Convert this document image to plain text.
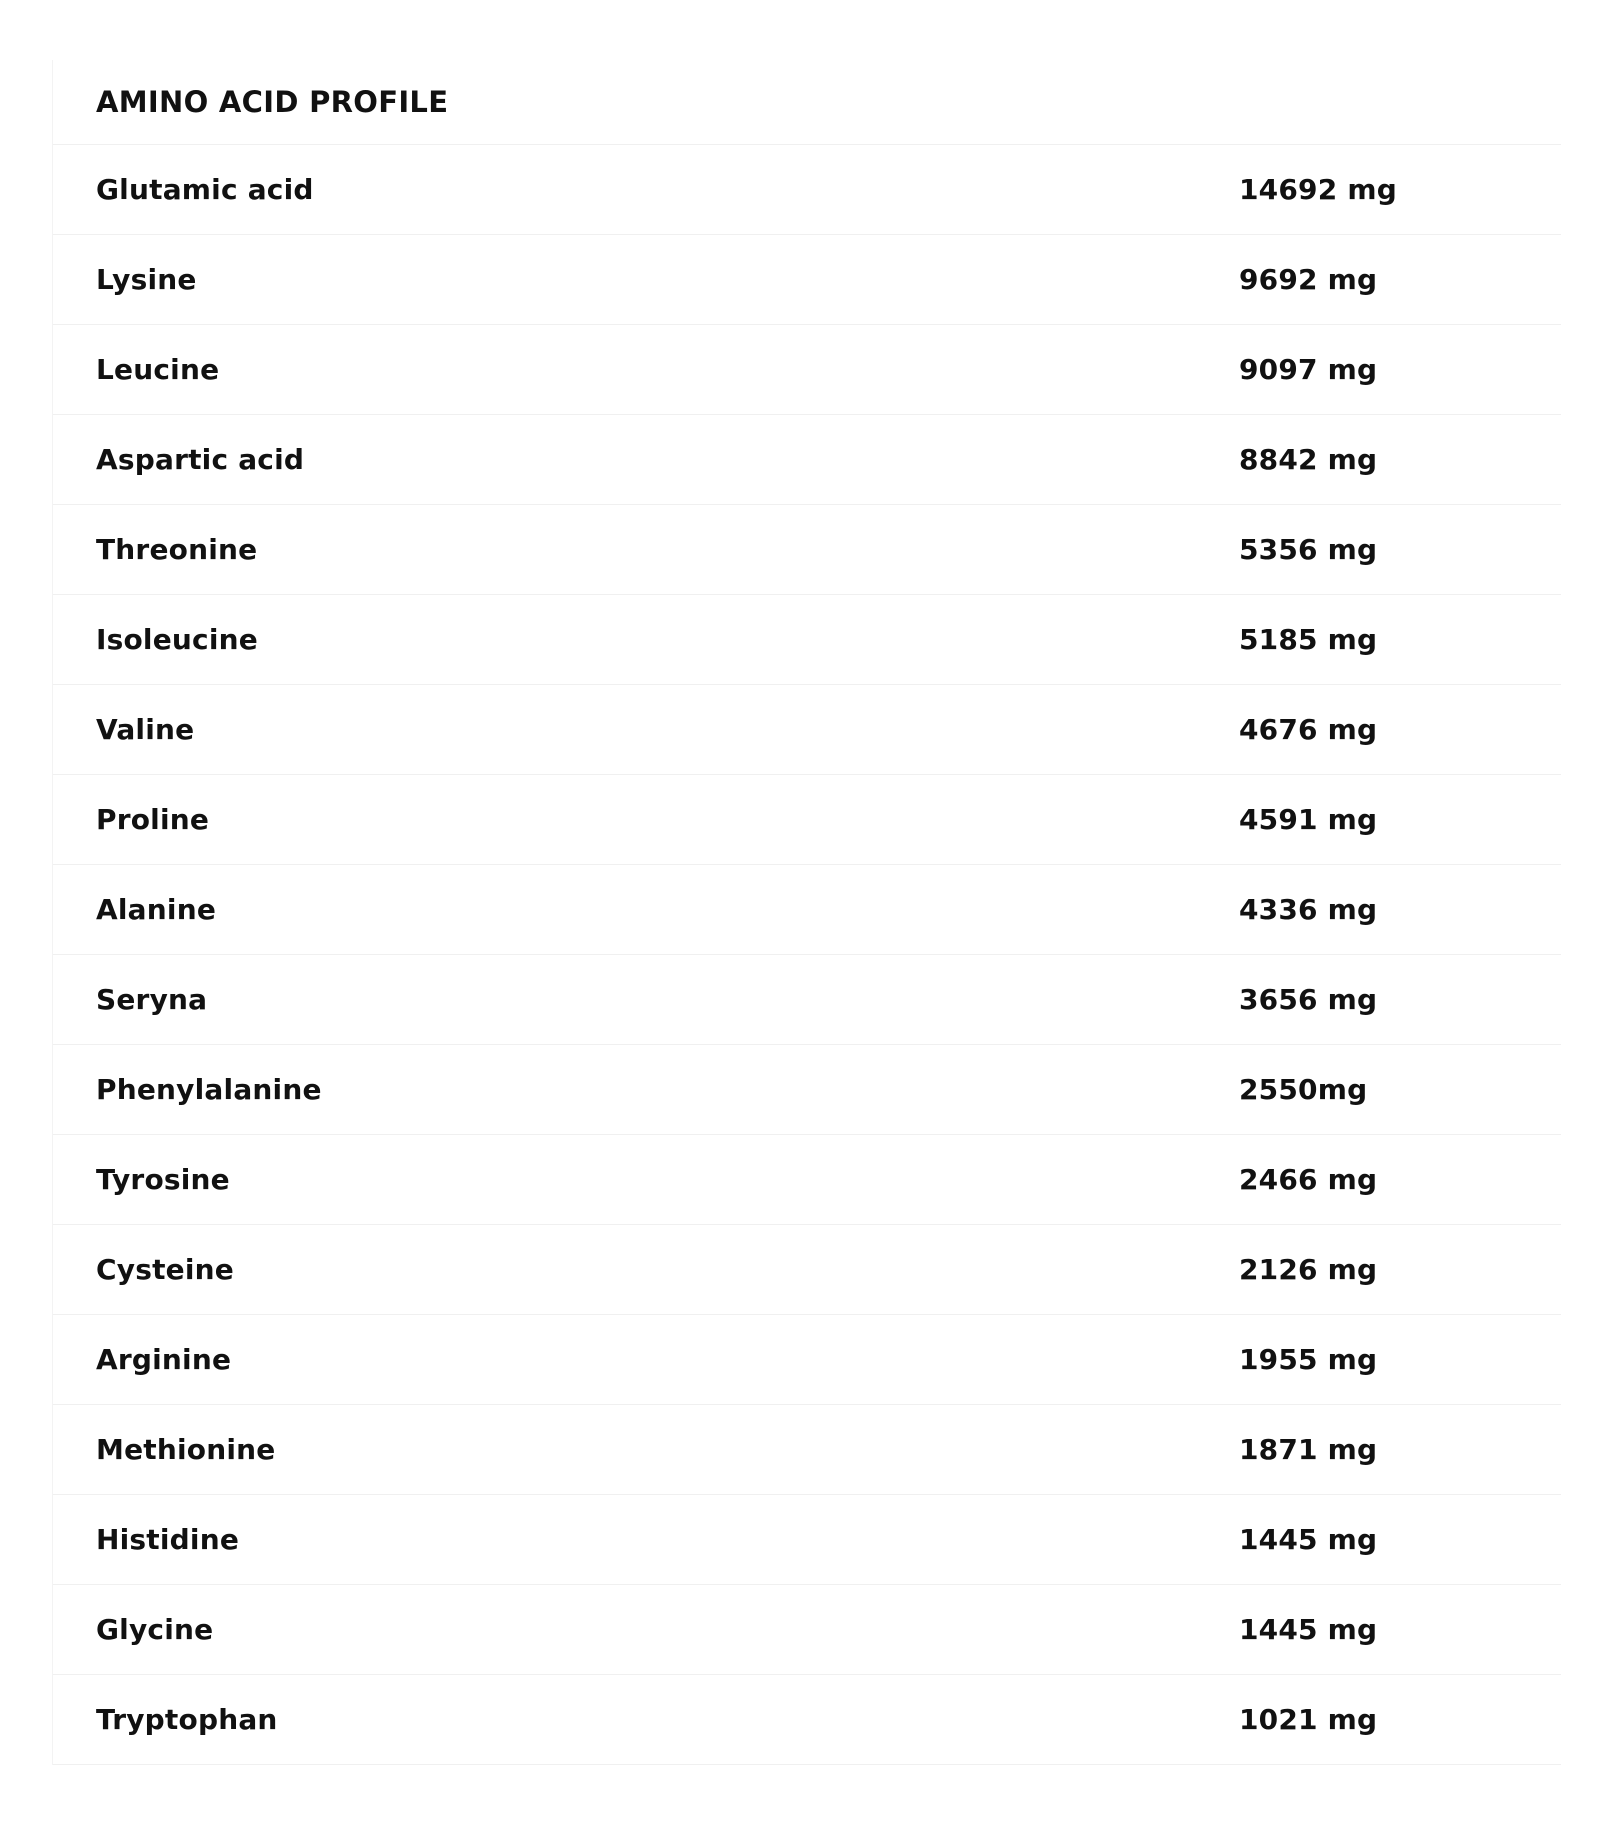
AMINO ACID PROFILE
Glutamic acid	14692 mg
Lysine	9692 mg
Leucine	9097 mg
Aspartic acid	8842 mg
Threonine	5356 mg
Isoleucine	5185 mg
Valine	4676 mg
Proline	4591 mg
Alanine	4336 mg
Seryna	3656 mg
Phenylalanine	2550mg
Tyrosine	2466 mg
Cysteine	2126 mg
Arginine	1955 mg
Methionine	1871 mg
Histidine	1445 mg
Glycine	1445 mg
Tryptophan	1021 mg
